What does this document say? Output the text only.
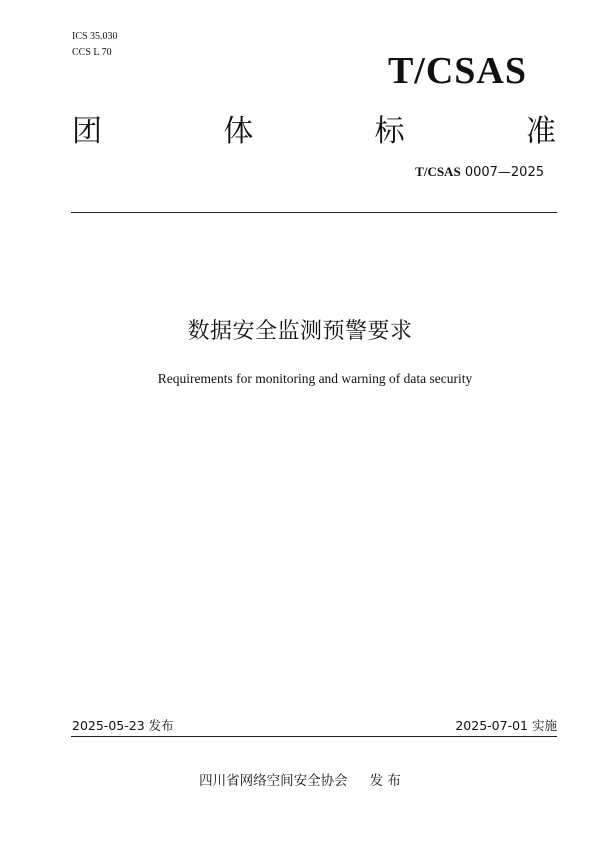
ICS 35.030
CCS L 70	T/CSAS
团	体	标	准
T/CSAS 0007—2025
数据安全监测预警要求
Requirements for monitoring and warning of data security
2025-05-23 发布	2025-07-01 实施
四川省网络空间安全协会 发 布
